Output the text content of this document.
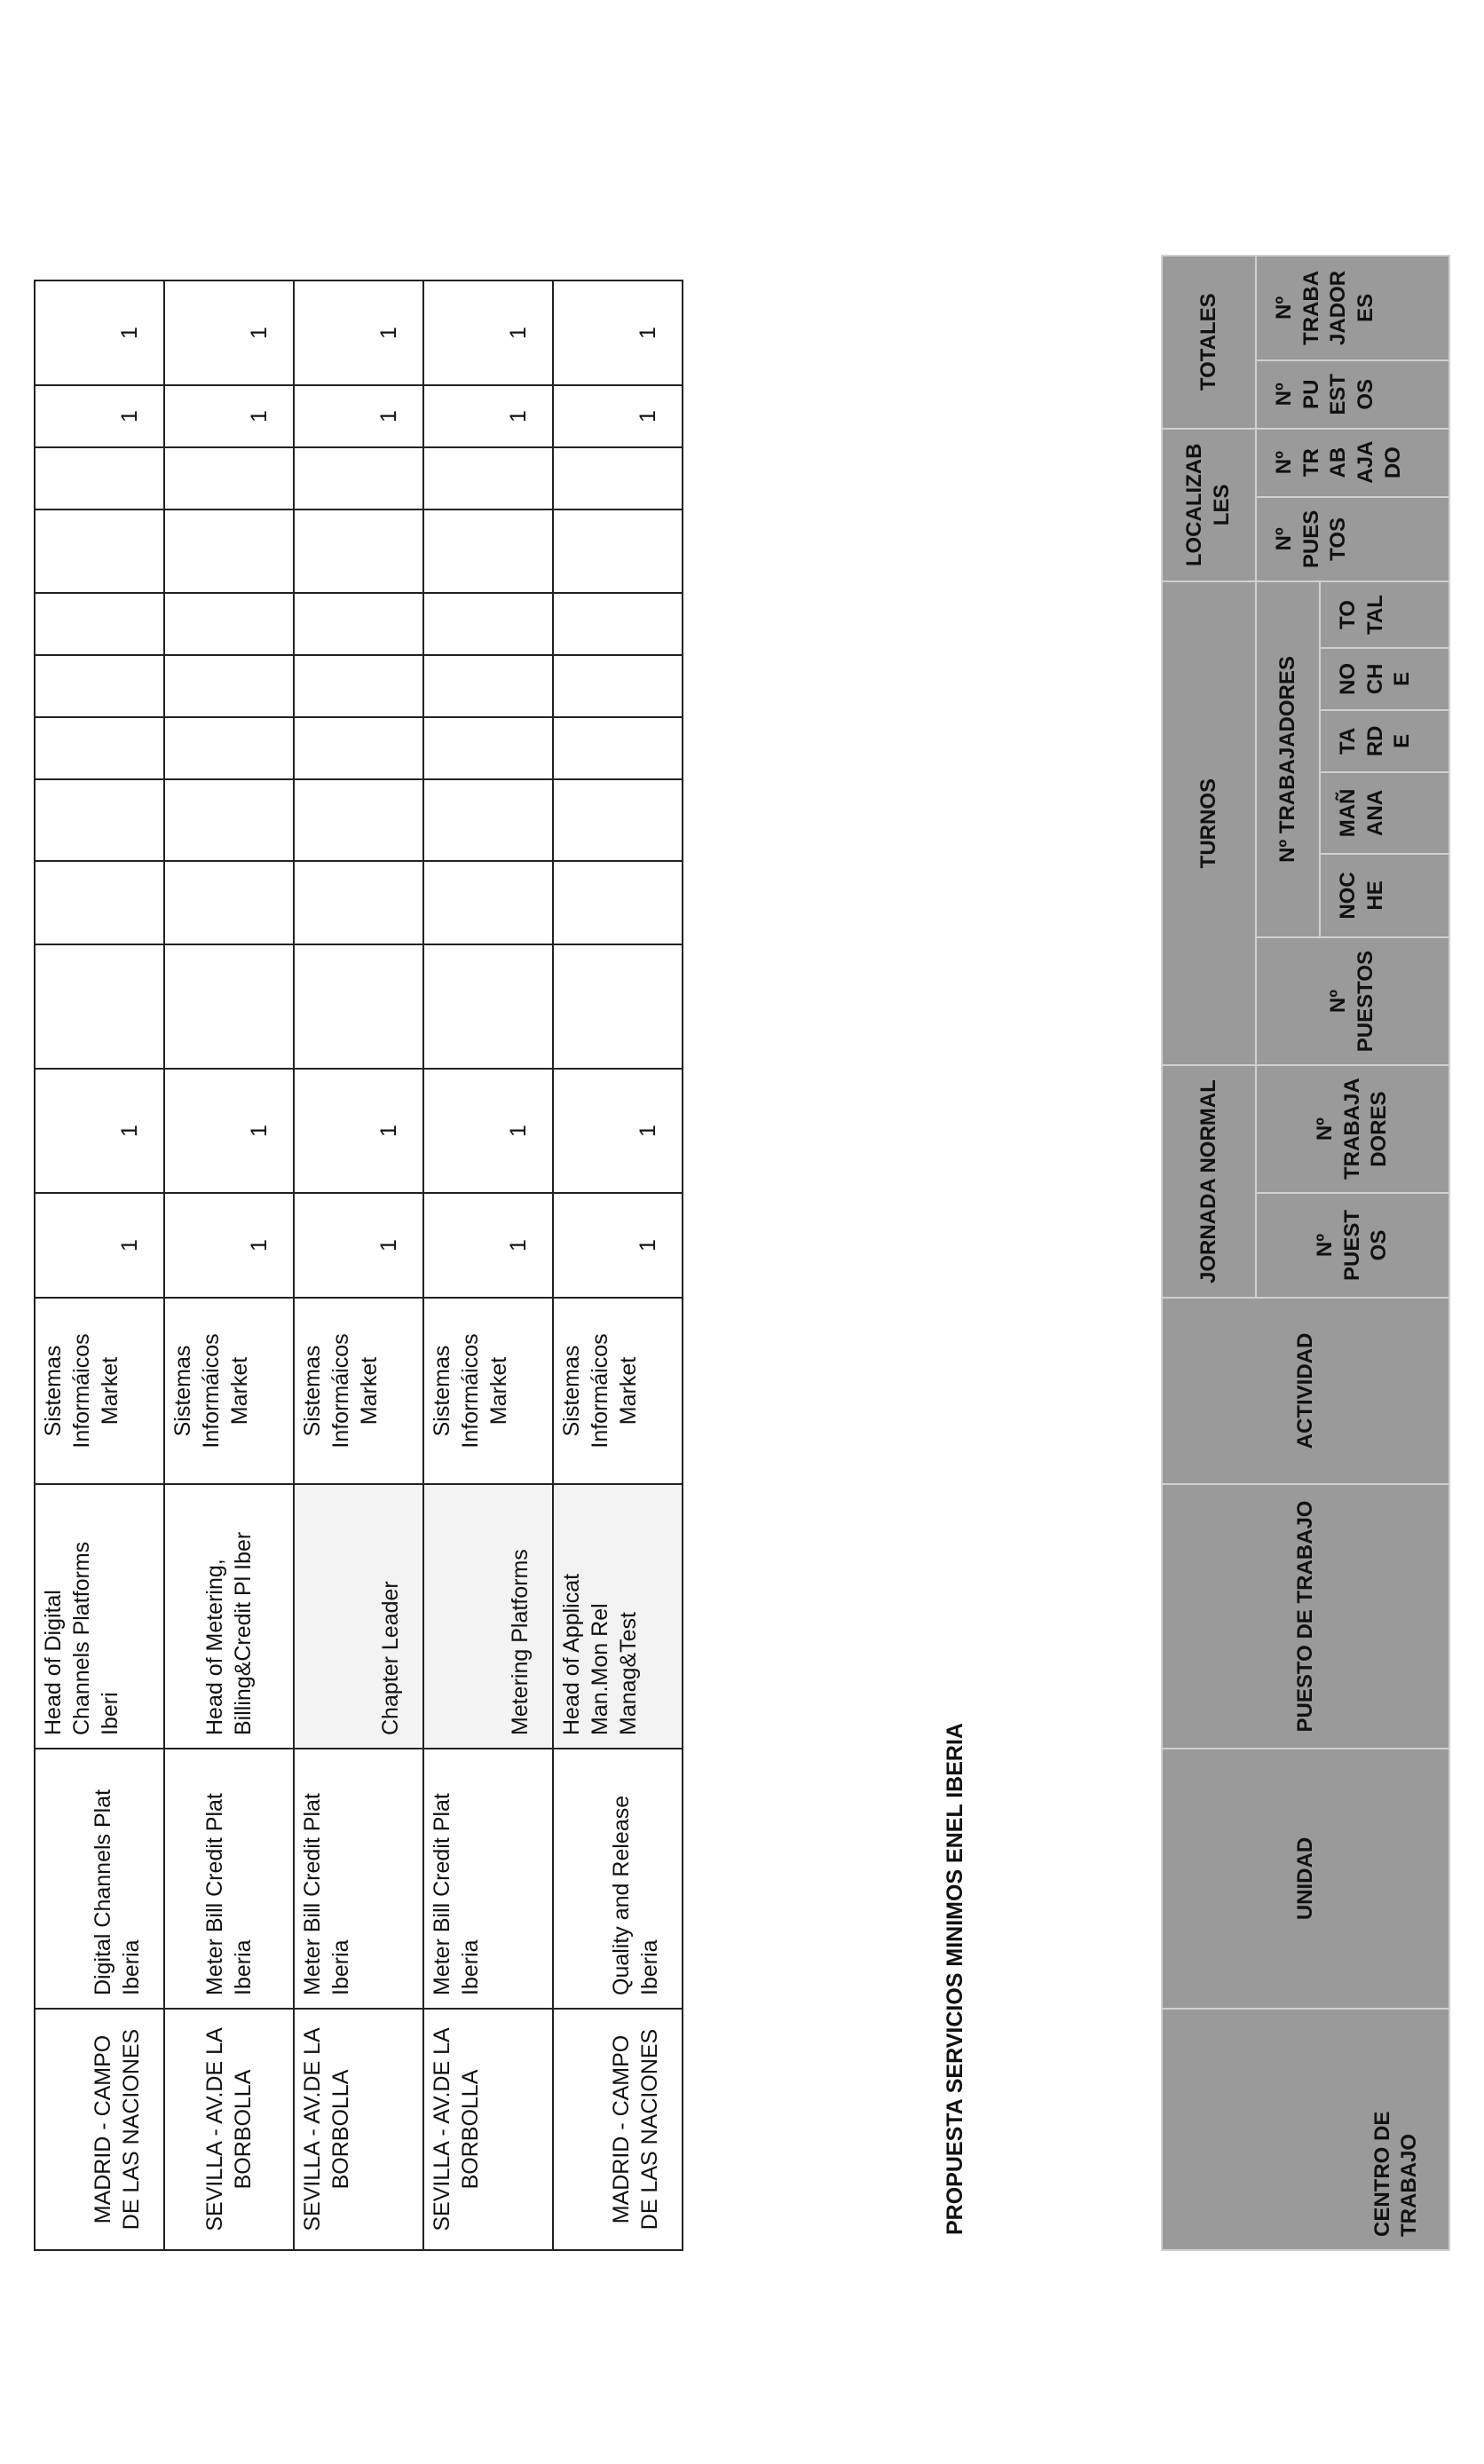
MADRID - CAMPO DE LAS NACIONES	Digital Channels Plat Iberia	Head of Digital Channels Platforms Iberi	Sistemas Informáicos Market	1	1									1	1
SEVILLA - AV.DE LA BORBOLLA	Meter Bill Credit Plat Iberia	Head of Metering, Billing&Credit Pl Iber	Sistemas Informáicos Market	1	1									1	1
SEVILLA - AV.DE LA BORBOLLA	Meter Bill Credit Plat Iberia	Chapter Leader	Sistemas Informáicos Market	1	1									1	1
SEVILLA - AV.DE LA BORBOLLA	Meter Bill Credit Plat Iberia	Metering Platforms	Sistemas Informáicos Market	1	1									1	1
MADRID - CAMPO DE LAS NACIONES	Quality and Release Iberia	Head of Applicat Man.Mon Rel Manag&Test	Sistemas Informáicos Market	1	1									1	1
PROPUESTA SERVICIOS MINIMOS ENEL IBERIA	CENTRO DE TRABAJO	UNIDAD	PUESTO DE TRABAJO	ACTIVIDAD	JORNADA NORMAL		TURNOS						LOCALIZAB LES		TOTALES	
				Nº PUEST OS	Nº TRABAJA DORES	Nº PUESTOS	Nº TRABAJADORES					Nº PUES TOS	Nº TR AB AJA DO	Nº PU EST OS	Nº TRABA JADOR ES
							NOC HE	MAÑ ANA	TA RD E	NO CH E	TO TAL				
